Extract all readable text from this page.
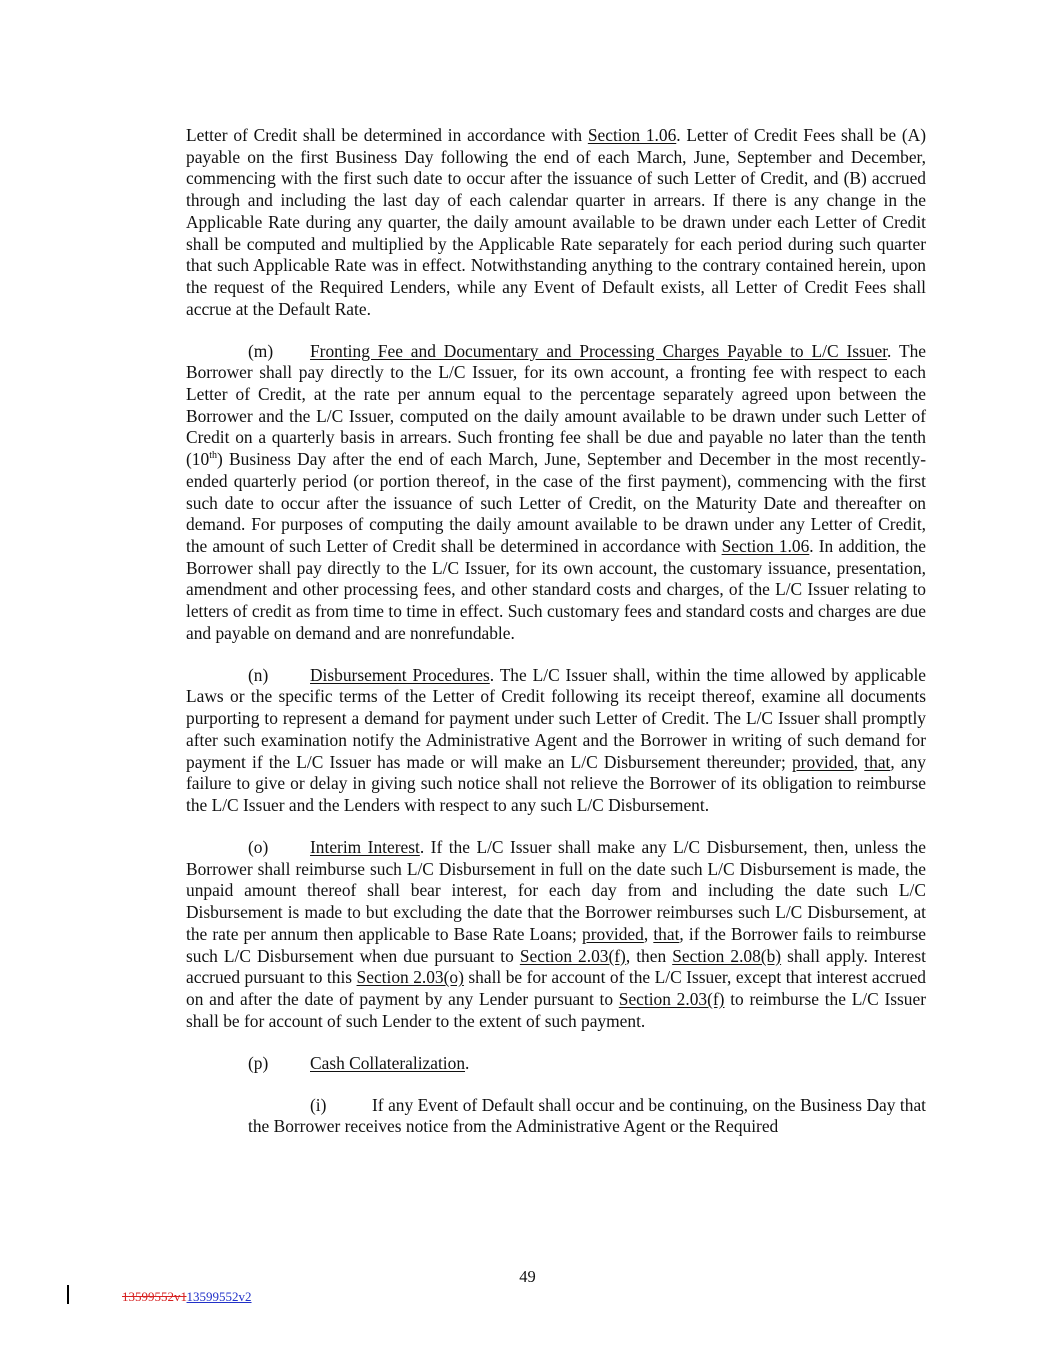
Letter of Credit shall be determined in accordance with Section 1.06. Letter of Credit Fees shall be (A) payable on the first Business Day following the end of each March, June, September and December, commencing with the first such date to occur after the issuance of such Letter of Credit, and (B) accrued through and including the last day of each calendar quarter in arrears. If there is any change in the Applicable Rate during any quarter, the daily amount available to be drawn under each Letter of Credit shall be computed and multiplied by the Applicable Rate separately for each period during such quarter that such Applicable Rate was in effect. Notwithstanding anything to the contrary contained herein, upon the request of the Required Lenders, while any Event of Default exists, all Letter of Credit Fees shall accrue at the Default Rate.

(m) Fronting Fee and Documentary and Processing Charges Payable to L/C Issuer. The Borrower shall pay directly to the L/C Issuer, for its own account, a fronting fee with respect to each Letter of Credit, at the rate per annum equal to the percentage separately agreed upon between the Borrower and the L/C Issuer, computed on the daily amount available to be drawn under such Letter of Credit on a quarterly basis in arrears. Such fronting fee shall be due and payable no later than the tenth (10th) Business Day after the end of each March, June, September and December in the most recently-ended quarterly period (or portion thereof, in the case of the first payment), commencing with the first such date to occur after the issuance of such Letter of Credit, on the Maturity Date and thereafter on demand. For purposes of computing the daily amount available to be drawn under any Letter of Credit, the amount of such Letter of Credit shall be determined in accordance with Section 1.06. In addition, the Borrower shall pay directly to the L/C Issuer, for its own account, the customary issuance, presentation, amendment and other processing fees, and other standard costs and charges, of the L/C Issuer relating to letters of credit as from time to time in effect. Such customary fees and standard costs and charges are due and payable on demand and are nonrefundable.

(n) Disbursement Procedures. The L/C Issuer shall, within the time allowed by applicable Laws or the specific terms of the Letter of Credit following its receipt thereof, examine all documents purporting to represent a demand for payment under such Letter of Credit. The L/C Issuer shall promptly after such examination notify the Administrative Agent and the Borrower in writing of such demand for payment if the L/C Issuer has made or will make an L/C Disbursement thereunder; provided, that, any failure to give or delay in giving such notice shall not relieve the Borrower of its obligation to reimburse the L/C Issuer and the Lenders with respect to any such L/C Disbursement.

(o) Interim Interest. If the L/C Issuer shall make any L/C Disbursement, then, unless the Borrower shall reimburse such L/C Disbursement in full on the date such L/C Disbursement is made, the unpaid amount thereof shall bear interest, for each day from and including the date such L/C Disbursement is made to but excluding the date that the Borrower reimburses such L/C Disbursement, at the rate per annum then applicable to Base Rate Loans; provided, that, if the Borrower fails to reimburse such L/C Disbursement when due pursuant to Section 2.03(f), then Section 2.08(b) shall apply. Interest accrued pursuant to this Section 2.03(o) shall be for account of the L/C Issuer, except that interest accrued on and after the date of payment by any Lender pursuant to Section 2.03(f) to reimburse the L/C Issuer shall be for account of such Lender to the extent of such payment.

(p) Cash Collateralization.

(i)	If any Event of Default shall occur and be continuing, on the Business Day that the Borrower receives notice from the Administrative Agent or the Required

49
13599552v113599552v2
